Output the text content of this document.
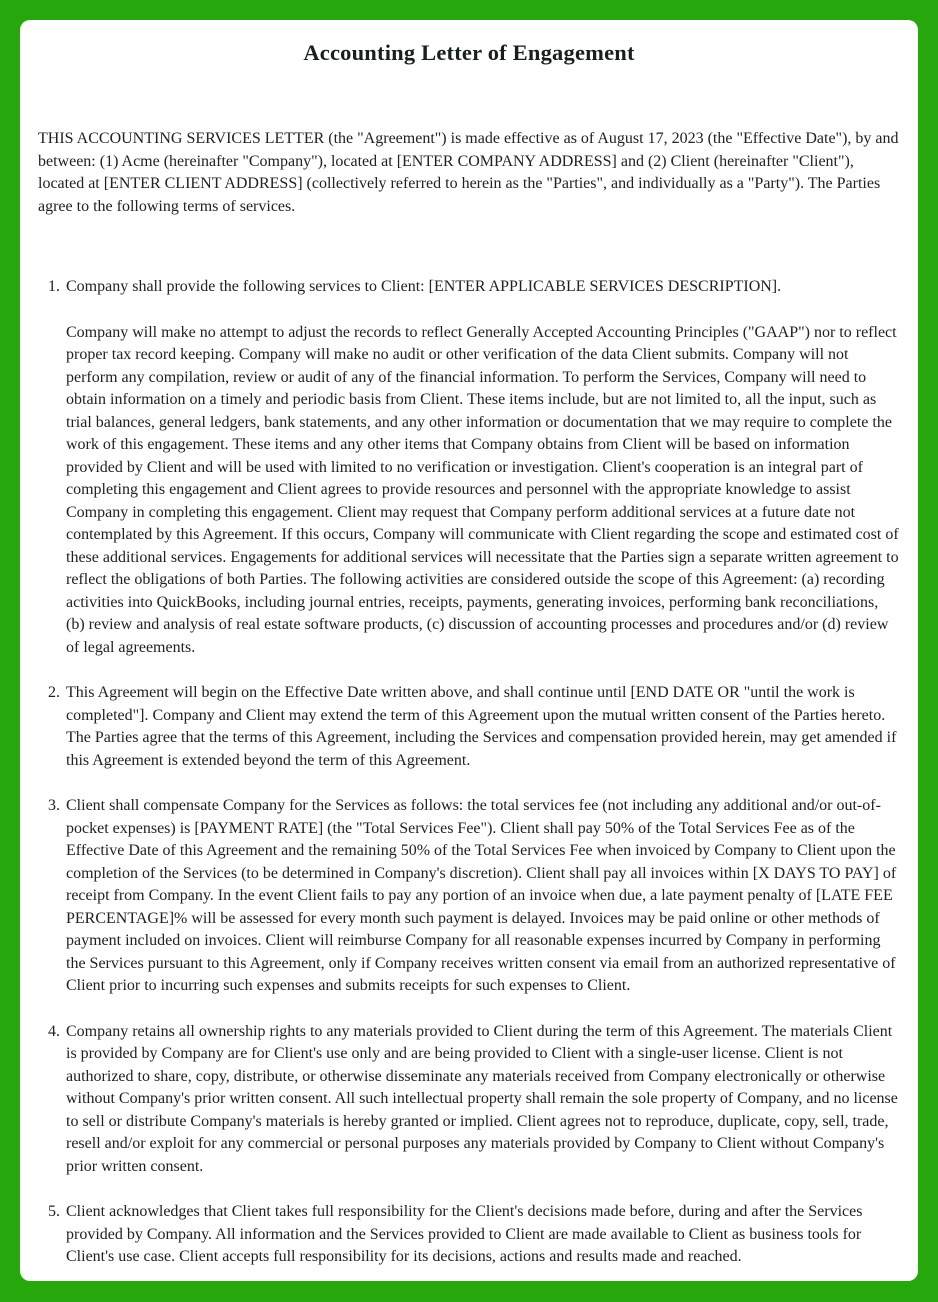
Accounting Letter of Engagement

THIS ACCOUNTING SERVICES LETTER (the "Agreement") is made effective as of August 17, 2023 (the "Effective Date"), by and between: (1) Acme (hereinafter "Company"), located at [ENTER COMPANY ADDRESS] and (2) Client (hereinafter "Client"), located at [ENTER CLIENT ADDRESS] (collectively referred to herein as the "Parties", and individually as a "Party"). The Parties agree to the following terms of services.

1. Company shall provide the following services to Client: [ENTER APPLICABLE SERVICES DESCRIPTION].

Company will make no attempt to adjust the records to reflect Generally Accepted Accounting Principles ("GAAP") nor to reflect proper tax record keeping. Company will make no audit or other verification of the data Client submits. Company will not perform any compilation, review or audit of any of the financial information. To perform the Services, Company will need to obtain information on a timely and periodic basis from Client. These items include, but are not limited to, all the input, such as trial balances, general ledgers, bank statements, and any other information or documentation that we may require to complete the work of this engagement. These items and any other items that Company obtains from Client will be based on information provided by Client and will be used with limited to no verification or investigation. Client's cooperation is an integral part of completing this engagement and Client agrees to provide resources and personnel with the appropriate knowledge to assist Company in completing this engagement. Client may request that Company perform additional services at a future date not contemplated by this Agreement. If this occurs, Company will communicate with Client regarding the scope and estimated cost of these additional services. Engagements for additional services will necessitate that the Parties sign a separate written agreement to reflect the obligations of both Parties. The following activities are considered outside the scope of this Agreement: (a) recording activities into QuickBooks, including journal entries, receipts, payments, generating invoices, performing bank reconciliations, (b) review and analysis of real estate software products, (c) discussion of accounting processes and procedures and/or (d) review of legal agreements.

2. This Agreement will begin on the Effective Date written above, and shall continue until [END DATE OR "until the work is completed"]. Company and Client may extend the term of this Agreement upon the mutual written consent of the Parties hereto. The Parties agree that the terms of this Agreement, including the Services and compensation provided herein, may get amended if this Agreement is extended beyond the term of this Agreement.

3. Client shall compensate Company for the Services as follows: the total services fee (not including any additional and/or out-of-pocket expenses) is [PAYMENT RATE] (the "Total Services Fee"). Client shall pay 50% of the Total Services Fee as of the Effective Date of this Agreement and the remaining 50% of the Total Services Fee when invoiced by Company to Client upon the completion of the Services (to be determined in Company's discretion). Client shall pay all invoices within [X DAYS TO PAY] of receipt from Company. In the event Client fails to pay any portion of an invoice when due, a late payment penalty of [LATE FEE PERCENTAGE]% will be assessed for every month such payment is delayed. Invoices may be paid online or other methods of payment included on invoices. Client will reimburse Company for all reasonable expenses incurred by Company in performing the Services pursuant to this Agreement, only if Company receives written consent via email from an authorized representative of Client prior to incurring such expenses and submits receipts for such expenses to Client.

4. Company retains all ownership rights to any materials provided to Client during the term of this Agreement. The materials Client is provided by Company are for Client's use only and are being provided to Client with a single-user license. Client is not authorized to share, copy, distribute, or otherwise disseminate any materials received from Company electronically or otherwise without Company's prior written consent. All such intellectual property shall remain the sole property of Company, and no license to sell or distribute Company's materials is hereby granted or implied. Client agrees not to reproduce, duplicate, copy, sell, trade, resell and/or exploit for any commercial or personal purposes any materials provided by Company to Client without Company's prior written consent.

5. Client acknowledges that Client takes full responsibility for the Client's decisions made before, during and after the Services provided by Company. All information and the Services provided to Client are made available to Client as business tools for Client's use case. Client accepts full responsibility for its decisions, actions and results made and reached.
